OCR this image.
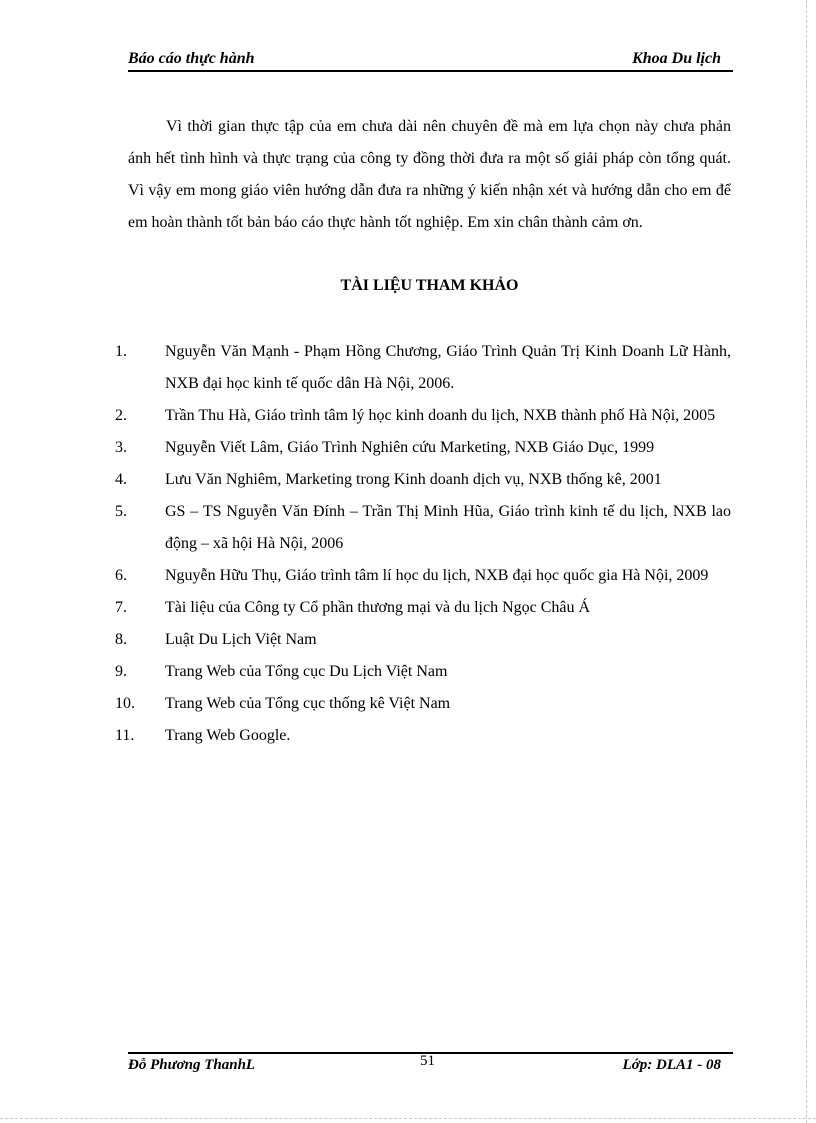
Báo cáo thực hành	Khoa Du lịch

Vì thời gian thực tập của em chưa dài nên chuyên đề mà em lựa chọn này chưa phản ánh hết tình hình và thực trạng của công ty đồng thời đưa ra một số giải pháp còn tổng quát. Vì vậy em mong giáo viên hướng dẫn đưa ra những ý kiến nhận xét và hướng dẫn cho em để em hoàn thành tốt bản báo cáo thực hành tốt nghiệp. Em xin chân thành cảm ơn.

TÀI LIỆU THAM KHẢO
1.	Nguyễn Văn Mạnh - Phạm Hồng Chương, Giáo Trình Quản Trị Kinh Doanh Lữ Hành, NXB đại học kinh tế quốc dân Hà Nội, 2006.
2.	Trần Thu Hà, Giáo trình tâm lý học kinh doanh du lịch, NXB thành phố Hà Nội, 2005
3.	Nguyễn Viết Lâm, Giáo Trình Nghiên cứu Marketing, NXB Giáo Dục, 1999
4.	Lưu Văn Nghiêm, Marketing trong Kinh doanh dịch vụ, NXB thống kê, 2001
5.	GS – TS Nguyễn Văn Đính – Trần Thị Minh Hũa, Giáo trình kinh tế du lịch, NXB lao động – xã hội Hà Nội, 2006
6.	Nguyễn Hữu Thụ, Giáo trình tâm lí học du lịch, NXB đại học quốc gia Hà Nội, 2009
7.	Tài liệu của Công ty Cổ phần thương mại và du lịch Ngọc Châu Á
8.	Luật Du Lịch Việt Nam
9.	Trang Web của Tổng cục Du Lịch Việt Nam
10.	Trang Web của Tổng cục thống kê Việt Nam
11.	Trang Web Google.
Đỗ Phương ThanhL	51	Lớp: DLA1 - 08
